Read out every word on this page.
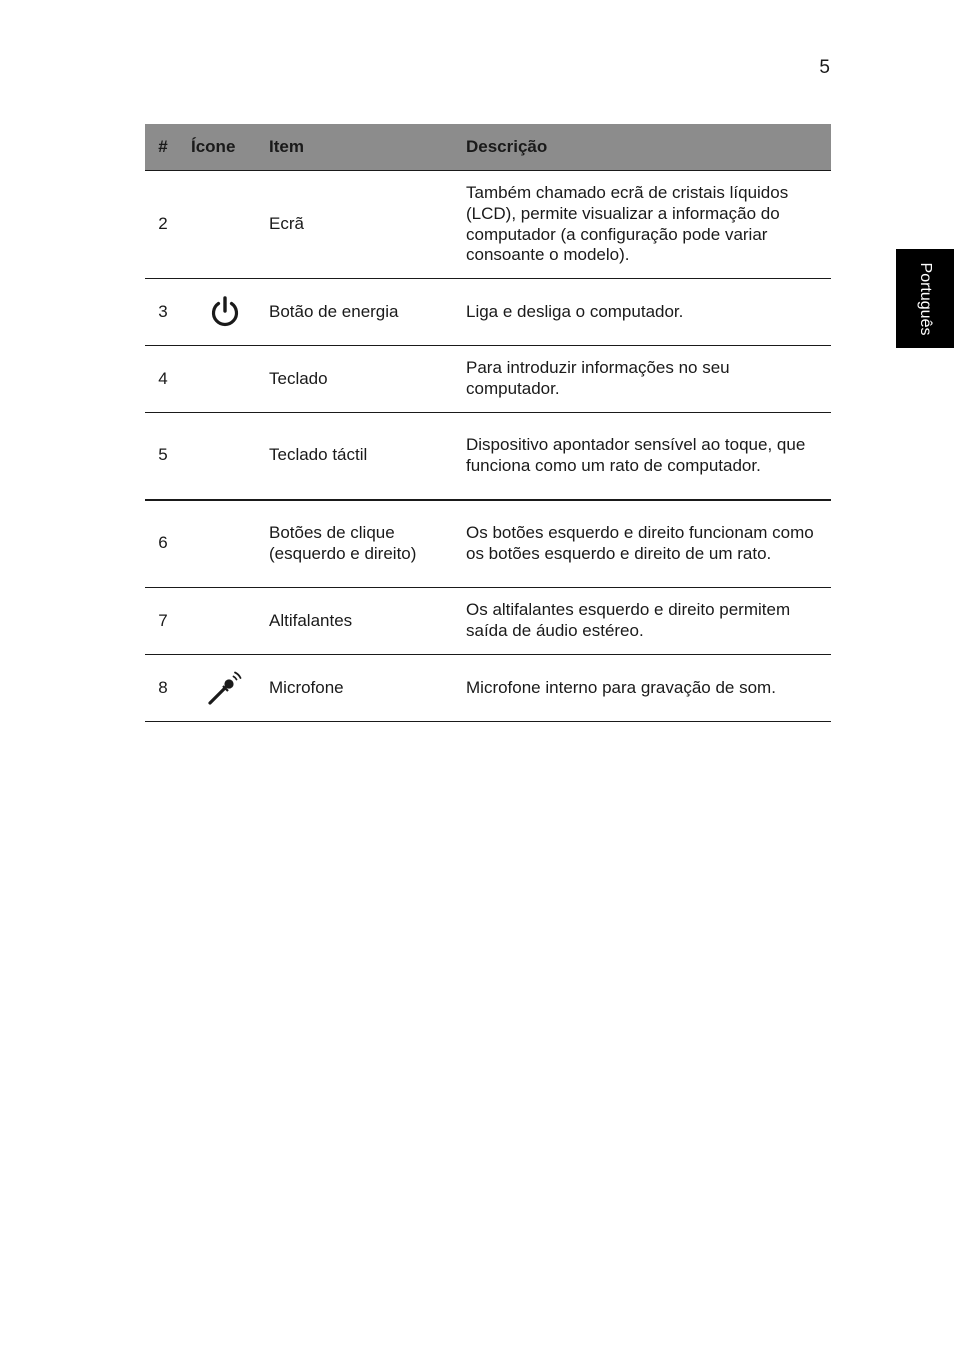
5
Português
#	Ícone	Item	Descrição
2		Ecrã	Também chamado ecrã de cristais líquidos (LCD), permite visualizar a informação do computador (a configuração pode variar consoante o modelo).
3		Botão de energia	Liga e desliga o computador.
4		Teclado	Para introduzir informações no seu computador.
5		Teclado táctil	Dispositivo apontador sensível ao toque, que funciona como um rato de computador.
6		Botões de clique (esquerdo e direito)	Os botões esquerdo e direito funcionam como os botões esquerdo e direito de um rato.
7		Altifalantes	Os altifalantes esquerdo e direito permitem saída de áudio estéreo.
8		Microfone	Microfone interno para gravação de som.
